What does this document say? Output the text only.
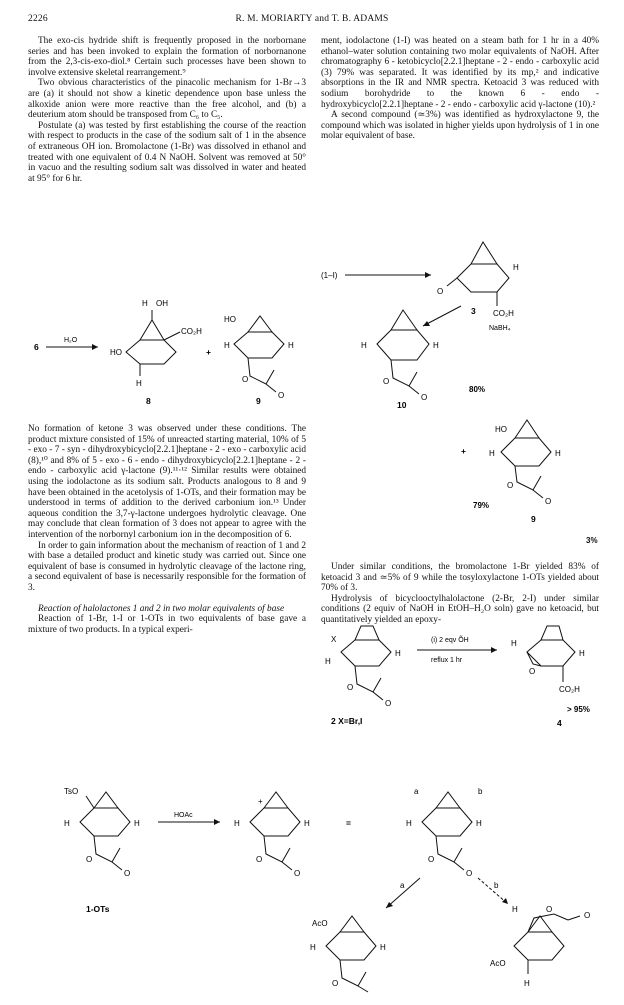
2226	R. M. MORIARTY and T. B. ADAMS

The exo-cis hydride shift is frequently proposed in the norbornane series and has been invoked to explain the formation of norbornanone from the 2,3-cis-exo-diol.⁸ Certain such processes have been shown to involve extensive skeletal rearrangement.⁹

Two obvious characteristics of the pinacolic mechanism for 1-Br→3 are (a) it should not show a kinetic dependence upon base unless the alkoxide anion were more reactive than the free alcohol, and (b) a deuterium atom should be transposed from C₆ to C₅.

Postulate (a) was tested by first establishing the course of the reaction with respect to products in the case of the sodium salt of 1 in the absence of extraneous OH ion. Bromolactone (1-Br) was dissolved in ethanol and treated with one equivalent of 0.4 N NaOH. Solvent was removed at 50° in vacuo and the resulting sodium salt was dissolved in water and heated at 95° for 6 hr.

ment, iodolactone (1-I) was heated on a steam bath for 1 hr in a 40% ethanol–water solution containing two molar equivalents of NaOH. After chromatography 6 - ketobicyclo[2.2.1]heptane - 2 - endo - carboxylic acid (3) 79% was separated. It was identified by its mp,² and indicative absorptions in the IR and NMR spectra. Ketoacid 3 was reduced with sodium borohydride to the known 6 - endo - hydroxybicyclo[2.2.1]heptane - 2 - endo - carboxylic acid γ-lactone (10).²

A second compound (≃3%) was identified as hydroxylactone 9, the compound which was isolated in higher yields upon hydrolysis of 1 in one molar equivalent of base.

6
H₂O
H OH
CO₂H
HO
H
8
+
HO
H	H
O
O
9
(1–I)
O
H
CO₂H
3
NaBH₄
H	H
O
O
10
80%
+
HO
H	H
O
O
79%
9
3%

No formation of ketone 3 was observed under these conditions. The product mixture consisted of 15% of unreacted starting material, 10% of 5 - exo - 7 - syn - dihydroxybicyclo[2.2.1]heptane - 2 - exo - carboxylic acid (8),¹⁰ and 8% of 5 - exo - 6 - endo - dihydroxybicyclo[2.2.1]heptane - 2 - endo - carboxylic acid γ-lactone (9).¹¹·¹² Similar results were obtained using the iodolactone as its sodium salt. Products analogous to 8 and 9 have been obtained in the acetolysis of 1-OTs, and their formation may be understood in terms of addition to the derived carbonium ion.¹³ Under aqueous condition the 3,7-γ-lactone undergoes hydrolytic cleavage. One may conclude that clean formation of 3 does not appear to agree with the intervention of the norbornyl carbonium ion in the decomposition of 6.

In order to gain information about the mechanism of reaction of 1 and 2 with base a detailed product and kinetic study was carried out. Since one equivalent of base is consumed in hydrolytic cleavage of the lactone ring, a second equivalent of base is necessarily responsible for the formation of 3.

Reaction of halolactones 1 and 2 in two molar equivalents of base

Reaction of 1-Br, 1-I or 1-OTs in two equivalents of base gave a mixture of two products. In a typical experi-

Under similar conditions, the bromolactone 1-Br yielded 83% of ketoacid 3 and ≃5% of 9 while the tosyloxylactone 1-OTs yielded about 70% of 3.

Hydrolysis of bicyclooctylhalolactone (2-Br, 2-I) under similar conditions (2 equiv of NaOH in EtOH–H₂O soln) gave no ketoacid, but quantitatively yielded an epoxy-

X
H
H
O
O
2 X=Br,I
(i) 2 eqv ÕH
reflux 1 hr
H
H
O
CO₂H
> 95%
4
TsO
H	H
O
O
1-OTs
HOAc
+
H	H
O
O
=
a	b
H	H
O
O
a	b
AcO
H	H
O
H	O
O
AcO
H
